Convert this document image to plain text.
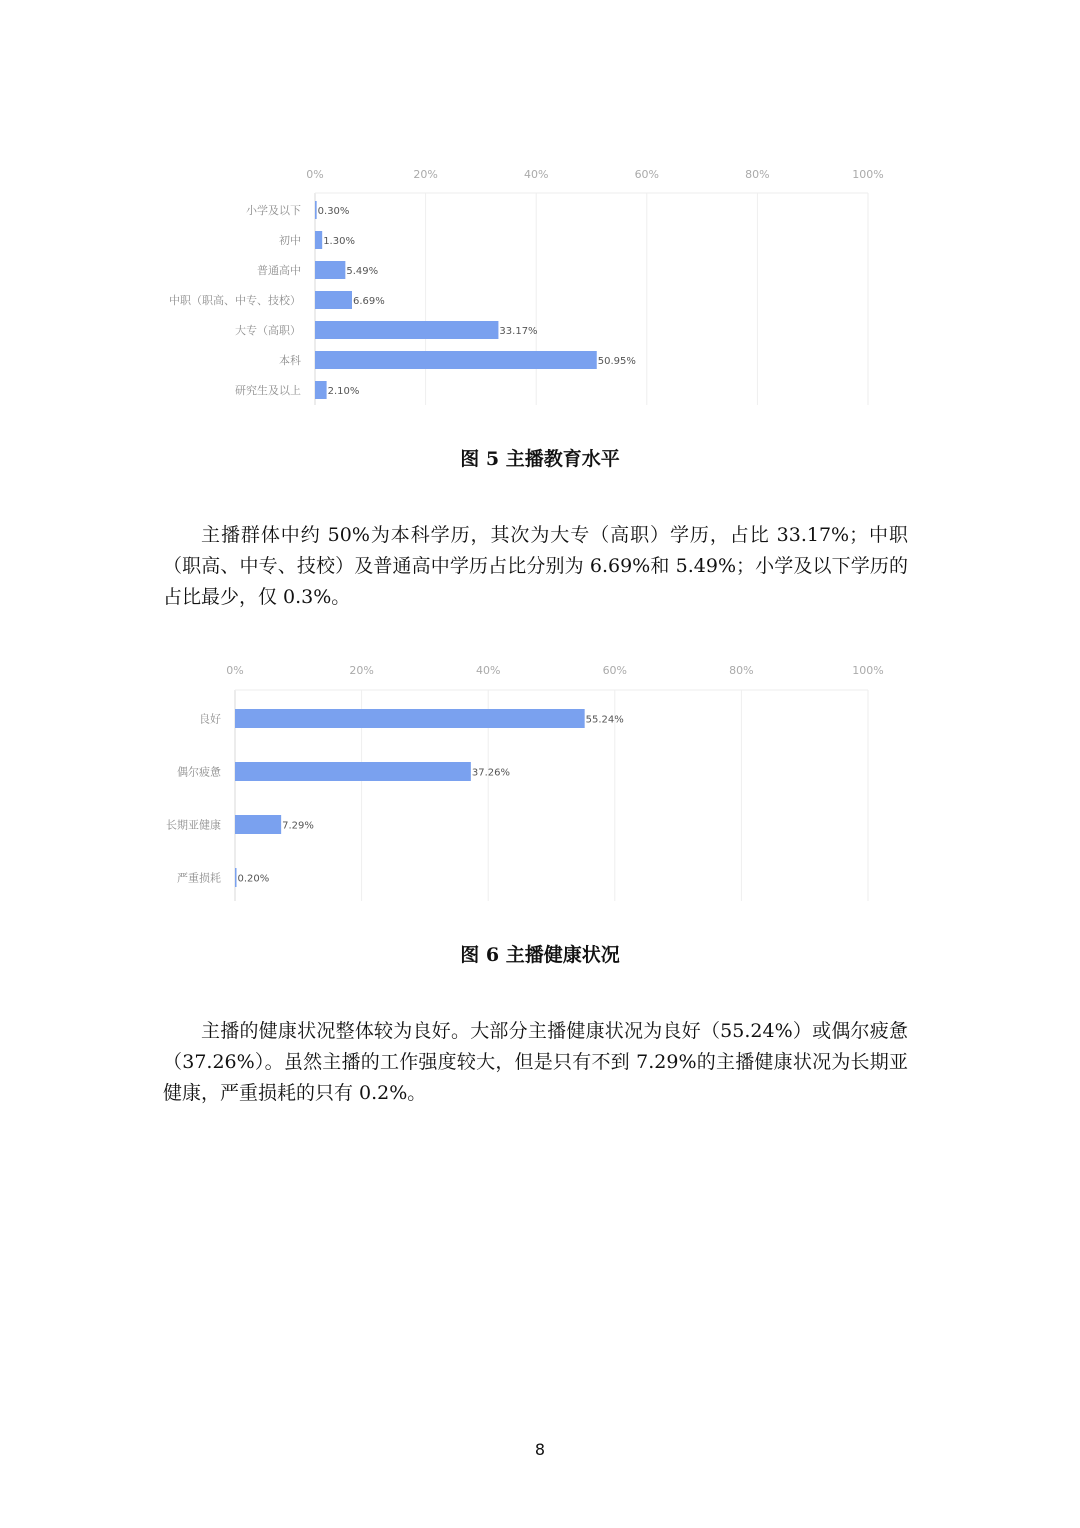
0%	20%	40%	60%	80%	100%
小学及以下 0.30%
初中 1.30%
普通高中	5.49%
中职（职高、中专、技校）	6.69%
大专（高职）	33.17%
本科	50.95%
研究生及以上	2.10%
图 5 主播教育水平

主播群体中约 50%为本科学历，其次为大专（高职）学历，占比 33.17%；中职（职高、中专、技校）及普通高中学历占比分别为 6.69%和 5.49%；小学及以下学历的占比最少，仅 0.3%。

0%	20%	40%	60%	80%	100%
良好	55.24%
偶尔疲惫	37.26%
长期亚健康	7.29%
严重损耗 0.20%
图 6 主播健康状况

主播的健康状况整体较为良好。大部分主播健康状况为良好（55.24%）或偶尔疲惫（37.26%）。虽然主播的工作强度较大，但是只有不到 7.29%的主播健康状况为长期亚健康，严重损耗的只有 0.2%。

8
